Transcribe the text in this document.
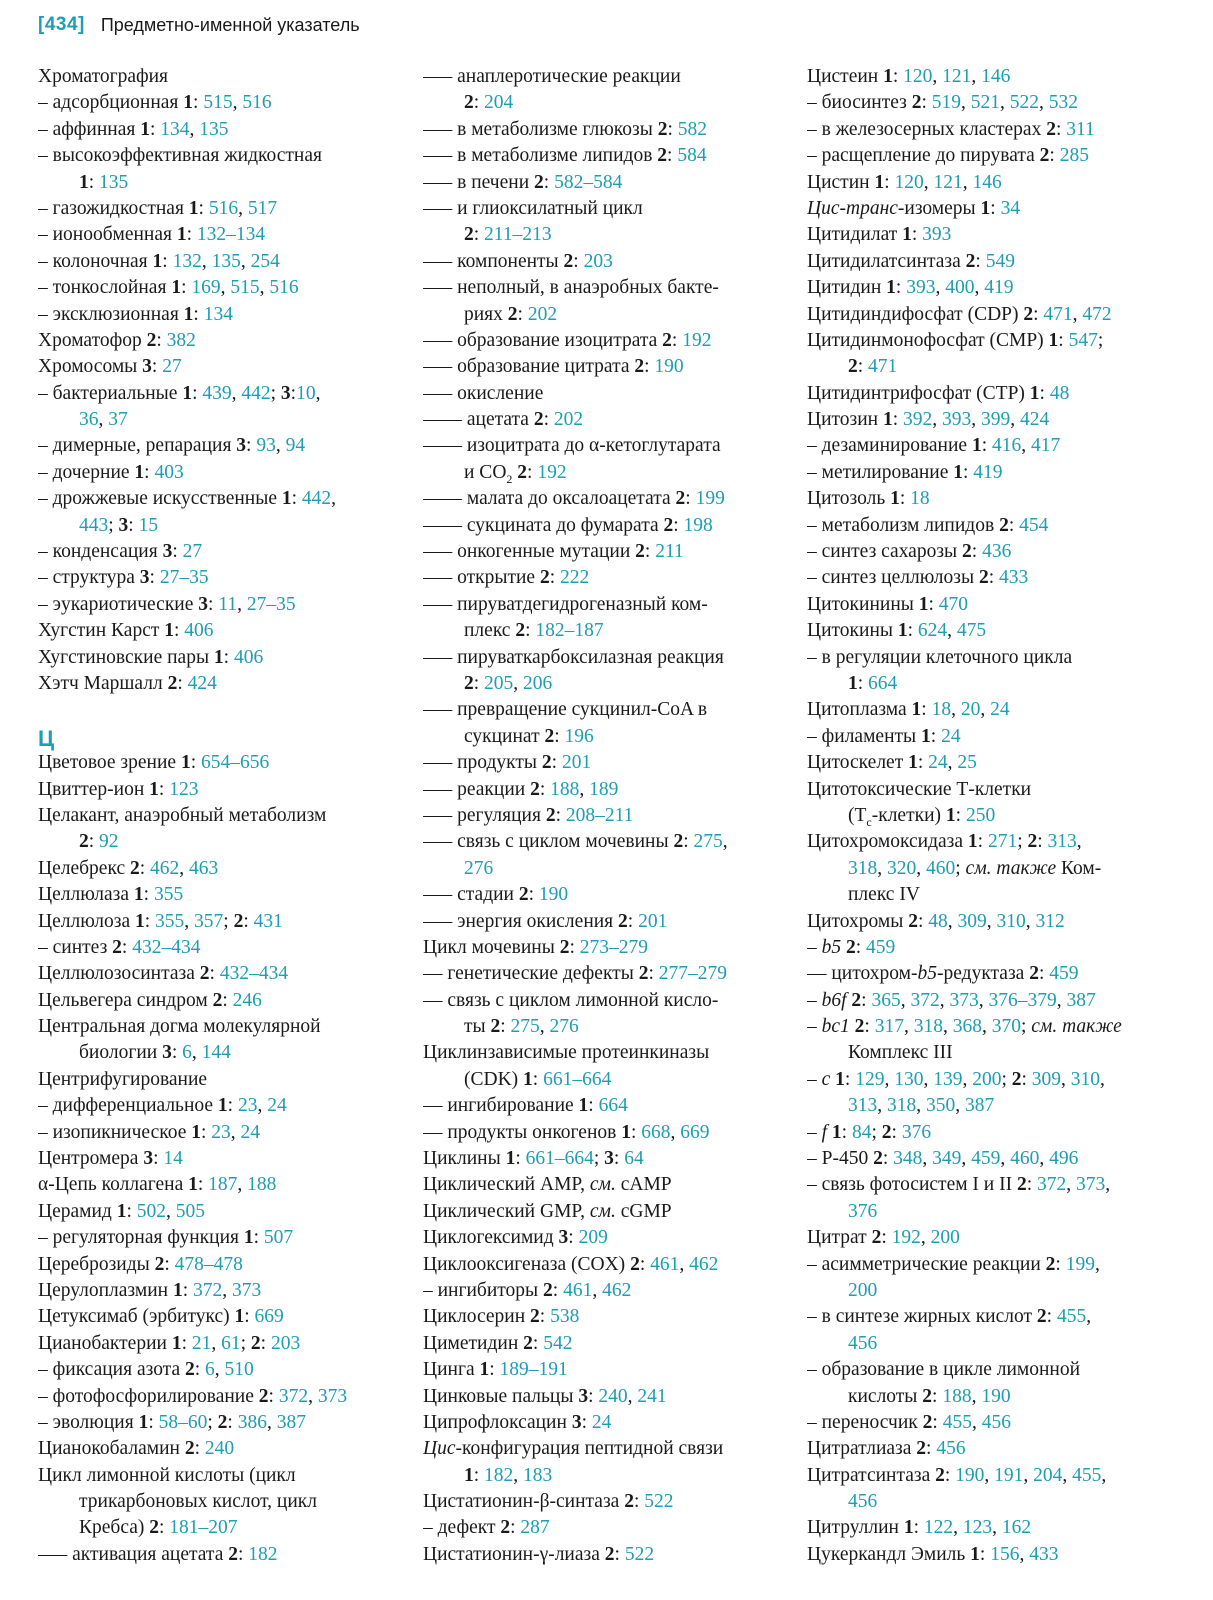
[434] Предметно-именной указатель
Хроматография
– адсорбционная 1: 515, 516
– аффинная 1: 134, 135
– высокоэффективная жидкостная
1: 135
– газожидкостная 1: 516, 517
– ионообменная 1: 132–134
– колоночная 1: 132, 135, 254
– тонкослойная 1: 169, 515, 516
– эксклюзионная 1: 134
Хроматофор 2: 382
Хромосомы 3: 27
– бактериальные 1: 439, 442; 3:10,
36, 37
– димерные, репарация 3: 93, 94
– дочерние 1: 403
– дрожжевые искусственные 1: 442,
443; 3: 15
– конденсация 3: 27
– структура 3: 27–35
– эукариотические 3: 11, 27–35
Хугстин Карст 1: 406
Хугстиновские пары 1: 406
Хэтч Маршалл 2: 424
Ц
Цветовое зрение 1: 654–656
Цвиттер-ион 1: 123
Целакант, анаэробный метаболизм
2: 92
Целебрекс 2: 462, 463
Целлюлаза 1: 355
Целлюлоза 1: 355, 357; 2: 431
– синтез 2: 432–434
Целлюлозосинтаза 2: 432–434
Цельвегера синдром 2: 246
Центральная догма молекулярной
биологии 3: 6, 144
Центрифугирование
– дифференциальное 1: 23, 24
– изопикническое 1: 23, 24
Центромера 3: 14
α-Цепь коллагена 1: 187, 188
Церамид 1: 502, 505
– регуляторная функция 1: 507
Цереброзиды 2: 478–478
Церулоплазмин 1: 372, 373
Цетуксимаб (эрбитукс) 1: 669
Цианобактерии 1: 21, 61; 2: 203
– фиксация азота 2: 6, 510
– фотофосфорилирование 2: 372, 373
– эволюция 1: 58–60; 2: 386, 387
Цианокобаламин 2: 240
Цикл лимонной кислоты (цикл
трикарбоновых кислот, цикл
Кребса) 2: 181–207
––– активация ацетата 2: 182
––– анаплеротические реакции
2: 204
––– в метаболизме глюкозы 2: 582
––– в метаболизме липидов 2: 584
––– в печени 2: 582–584
––– и глиоксилатный цикл
2: 211–213
––– компоненты 2: 203
––– неполный, в анаэробных бакте-
риях 2: 202
––– образование изоцитрата 2: 192
––– образование цитрата 2: 190
––– окисление
–––– ацетата 2: 202
–––– изоцитрата до α-кетоглутарата
и $CO_2$ 2: 192
–––– малата до оксалоацетата 2: 199
–––– сукцината до фумарата 2: 198
––– онкогенные мутации 2: 211
––– открытие 2: 222
––– пируватдегидрогеназный ком-
плекс 2: 182–187
––– пируваткарбоксилазная реакция
2: 205, 206
––– превращение сукцинил-CoA в
сукцинат 2: 196
––– продукты 2: 201
––– реакции 2: 188, 189
––– регуляция 2: 208–211
––– связь с циклом мочевины 2: 275,
276
––– стадии 2: 190
––– энергия окисления 2: 201
Цикл мочевины 2: 273–279
–– генетические дефекты 2: 277–279
–– связь с циклом лимонной кисло-
ты 2: 275, 276
Циклинзависимые протеинкиназы
(CDK) 1: 661–664
–– ингибирование 1: 664
–– продукты онкогенов 1: 668, 669
Циклины 1: 661–664; 3: 64
Циклический AMP, см. cAMP
Циклический GMP, см. cGMP
Циклогексимид 3: 209
Циклооксигеназа (COX) 2: 461, 462
– ингибиторы 2: 461, 462
Циклосерин 2: 538
Циметидин 2: 542
Цинга 1: 189–191
Цинковые пальцы 3: 240, 241
Ципрофлоксацин 3: 24
Цис-конфигурация пептидной связи
1: 182, 183
Цистатионин-β-синтаза 2: 522
– дефект 2: 287
Цистатионин-γ-лиаза 2: 522
Цистеин 1: 120, 121, 146
– биосинтез 2: 519, 521, 522, 532
– в железосерных кластерах 2: 311
– расщепление до пирувата 2: 285
Цистин 1: 120, 121, 146
Цис-транс-изомеры 1: 34
Цитидилат 1: 393
Цитидилатсинтаза 2: 549
Цитидин 1: 393, 400, 419
Цитидиндифосфат (CDP) 2: 471, 472
Цитидинмонофосфат (CMP) 1: 547;
2: 471
Цитидинтрифосфат (CTP) 1: 48
Цитозин 1: 392, 393, 399, 424
– дезаминирование 1: 416, 417
– метилирование 1: 419
Цитозоль 1: 18
– метаболизм липидов 2: 454
– синтез сахарозы 2: 436
– синтез целлюлозы 2: 433
Цитокинины 1: 470
Цитокины 1: 624, 475
– в регуляции клеточного цикла
1: 664
Цитоплазма 1: 18, 20, 24
– филаменты 1: 24
Цитоскелет 1: 24, 25
Цитотоксические Т-клетки
$(T_c-клетки)$ 1: 250
Цитохромоксидаза 1: 271; 2: 313,
318, 320, 460; см. также Ком-
плекс IV
Цитохромы 2: 48, 309, 310, 312
– b5 2: 459
–– цитохром-b5-редуктаза 2: 459
– b6f 2: 365, 372, 373, 376–379, 387
– bc1 2: 317, 318, 368, 370; см. также
Комплекс III
– c 1: 129, 130, 139, 200; 2: 309, 310,
313, 318, 350, 387
– f 1: 84; 2: 376
– P-450 2: 348, 349, 459, 460, 496
– связь фотосистем I и II 2: 372, 373,
376
Цитрат 2: 192, 200
– асимметрические реакции 2: 199,
200
– в синтезе жирных кислот 2: 455,
456
– образование в цикле лимонной
кислоты 2: 188, 190
– переносчик 2: 455, 456
Цитратлиаза 2: 456
Цитратсинтаза 2: 190, 191, 204, 455,
456
Цитруллин 1: 122, 123, 162
Цукеркандл Эмиль 1: 156, 433
